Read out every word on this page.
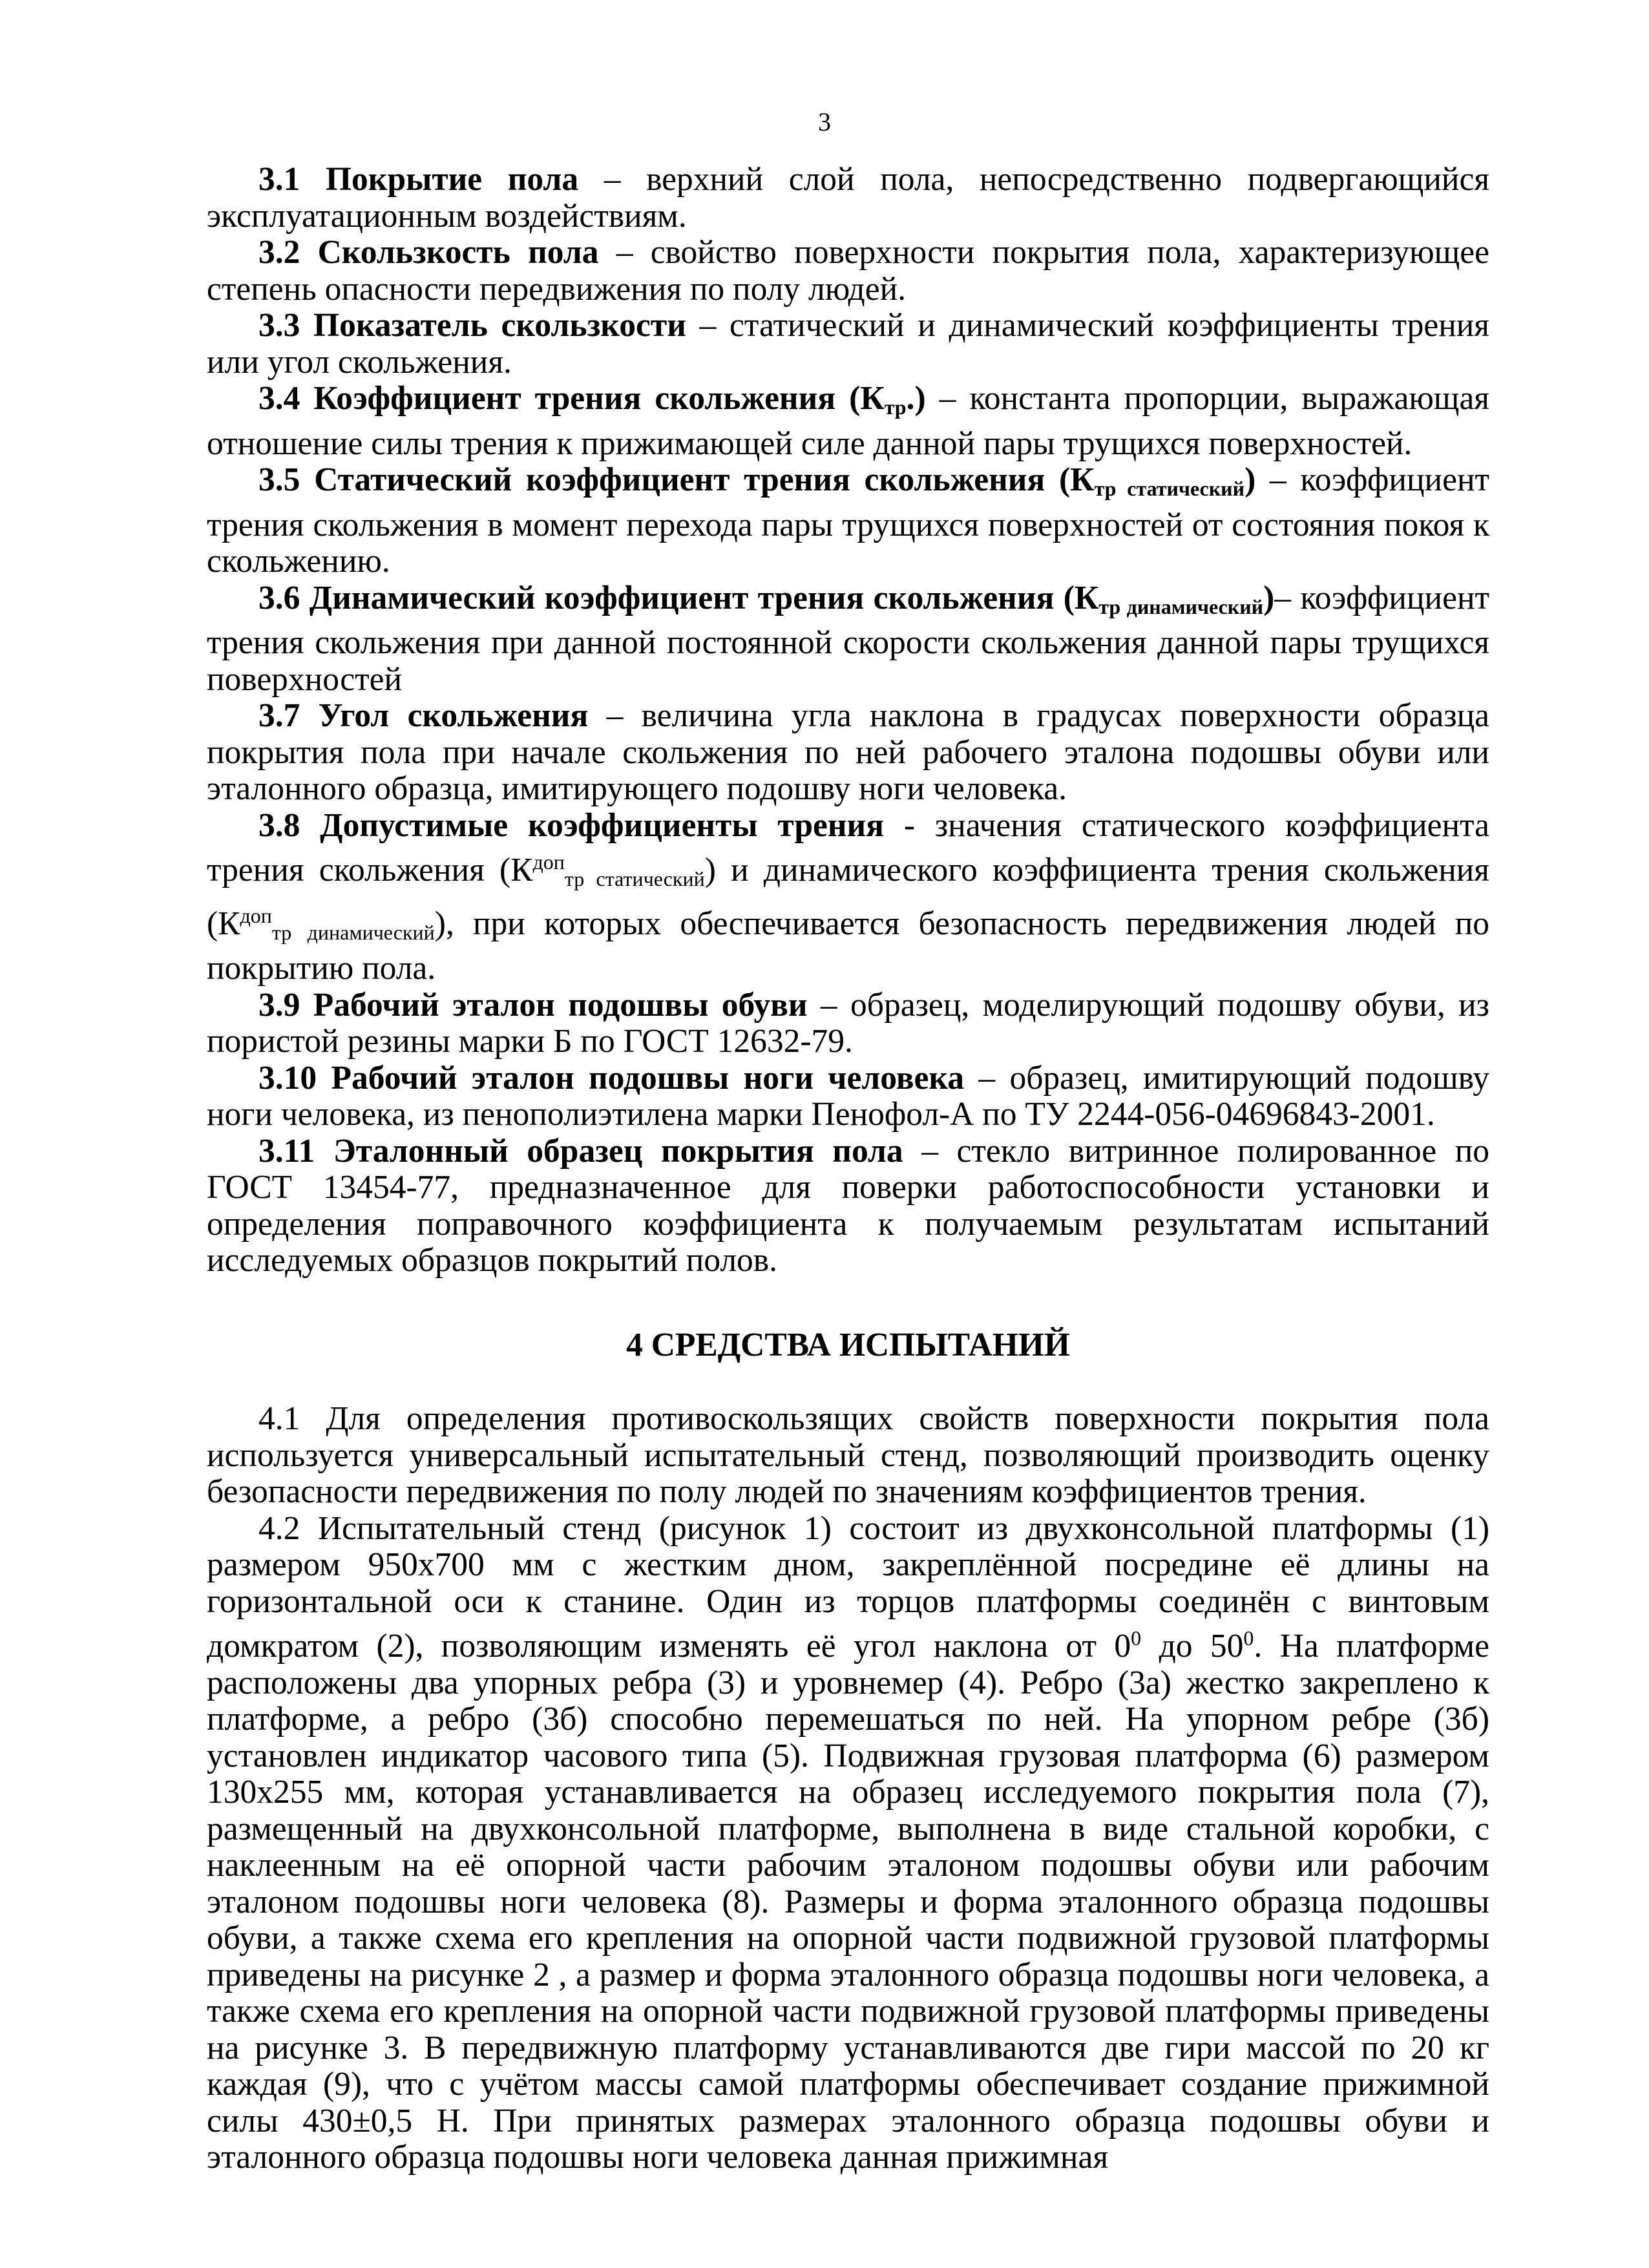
3

3.1 Покрытие пола – верхний слой пола, непосредственно подвергающийся эксплуатационным воздействиям.

3.2 Скользкость пола – свойство поверхности покрытия пола, характеризующее степень опасности передвижения по полу людей.

3.3 Показатель скользкости – статический и динамический коэффициенты трения или угол скольжения.

3.4 Коэффициент трения скольжения $(К_{тр}.)$ – константа пропорции, выражающая отношение силы трения к прижимающей силе данной пары трущихся поверхностей.

3.5 Статический коэффициент трения скольжения $(К_{тр статический})$ – коэффициент трения скольжения в момент перехода пары трущихся поверхностей от состояния покоя к скольжению.

3.6 Динамический коэффициент трения скольжения $(К_{тр динамический})-$ коэффициент трения скольжения при данной постоянной скорости скольжения данной пары трущихся поверхностей

3.7 Угол скольжения – величина угла наклона в градусах поверхности образца покрытия пола при начале скольжения по ней рабочего эталона подошвы обуви или эталонного образца, имитирующего подошву ноги человека.

3.8 Допустимые коэффициенты трения - значения статического коэффициента трения скольжения ($К^{доп}тр$ статический) и динамического коэффициента трения скольжения ($К^{доп}тр$ динамический), при которых обеспечивается безопасность передвижения людей по покрытию пола.

3.9 Рабочий эталон подошвы обуви – образец, моделирующий подошву обуви, из пористой резины марки Б по ГОСТ 12632-79.

3.10 Рабочий эталон подошвы ноги человека – образец, имитирующий подошву ноги человека, из пенополиэтилена марки Пенофол-А по ТУ 2244-056-04696843-2001.

3.11 Эталонный образец покрытия пола – стекло витринное полированное по ГОСТ 13454-77, предназначенное для поверки работоспособности установки и определения поправочного коэффициента к получаемым результатам испытаний исследуемых образцов покрытий полов.

4 СРЕДСТВА ИСПЫТАНИЙ

4.1 Для определения противоскользящих свойств поверхности покрытия пола используется универсальный испытательный стенд, позволяющий производить оценку безопасности передвижения по полу людей по значениям коэффициентов трения.

4.2 Испытательный стенд (рисунок 1) состоит из двухконсольной платформы (1) размером 950х700 мм с жестким дном, закреплённой посредине её длины на горизонтальной оси к станине. Один из торцов платформы соединён с винтовым домкратом (2), позволяющим изменять её угол наклона от $0^0$ до $50^0$. На платформе расположены два упорных ребра (3) и уровнемер (4). Ребро (3а) жестко закреплено к платформе, а ребро (3б) способно перемешаться по ней. На упорном ребре (3б) установлен индикатор часового типа (5). Подвижная грузовая платформа (6) размером 130х255 мм, которая устанавливается на образец исследуемого покрытия пола (7), размещенный на двухконсольной платформе, выполнена в виде стальной коробки, с наклеенным на её опорной части рабочим эталоном подошвы обуви или рабочим эталоном подошвы ноги человека (8). Размеры и форма эталонного образца подошвы обуви, а также схема его крепления на опорной части подвижной грузовой платформы приведены на рисунке 2 , а размер и форма эталонного образца подошвы ноги человека, а также схема его крепления на опорной части подвижной грузовой платформы приведены на рисунке 3. В передвижную платформу устанавливаются две гири массой по 20 кг каждая (9), что с учётом массы самой платформы обеспечивает создание прижимной силы 430±0,5 Н. При принятых размерах эталонного образца подошвы обуви и эталонного образца подошвы ноги человека данная прижимная
